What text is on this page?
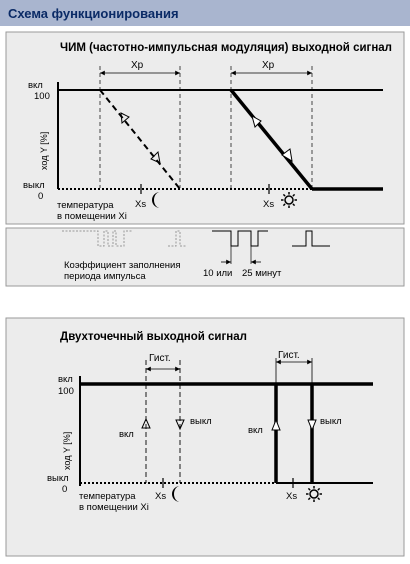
Схема функционирования
ЧИМ (частотно-импульсная модуляция) выходной сигнал
Xp	Xp
вкл
100
выкл
0
ход Y [%]
температура
в помещении Xi
Xs	Xs
Коэффициент заполнения
периода импульса	10 или 25 минут
Двухточечный выходной сигнал
Гист.	Гист.
вкл
100
выкл
0
ход Y [%]	вкл
выкл
вкл
выкл
температура
в помещении Xi
Xs	Xs
